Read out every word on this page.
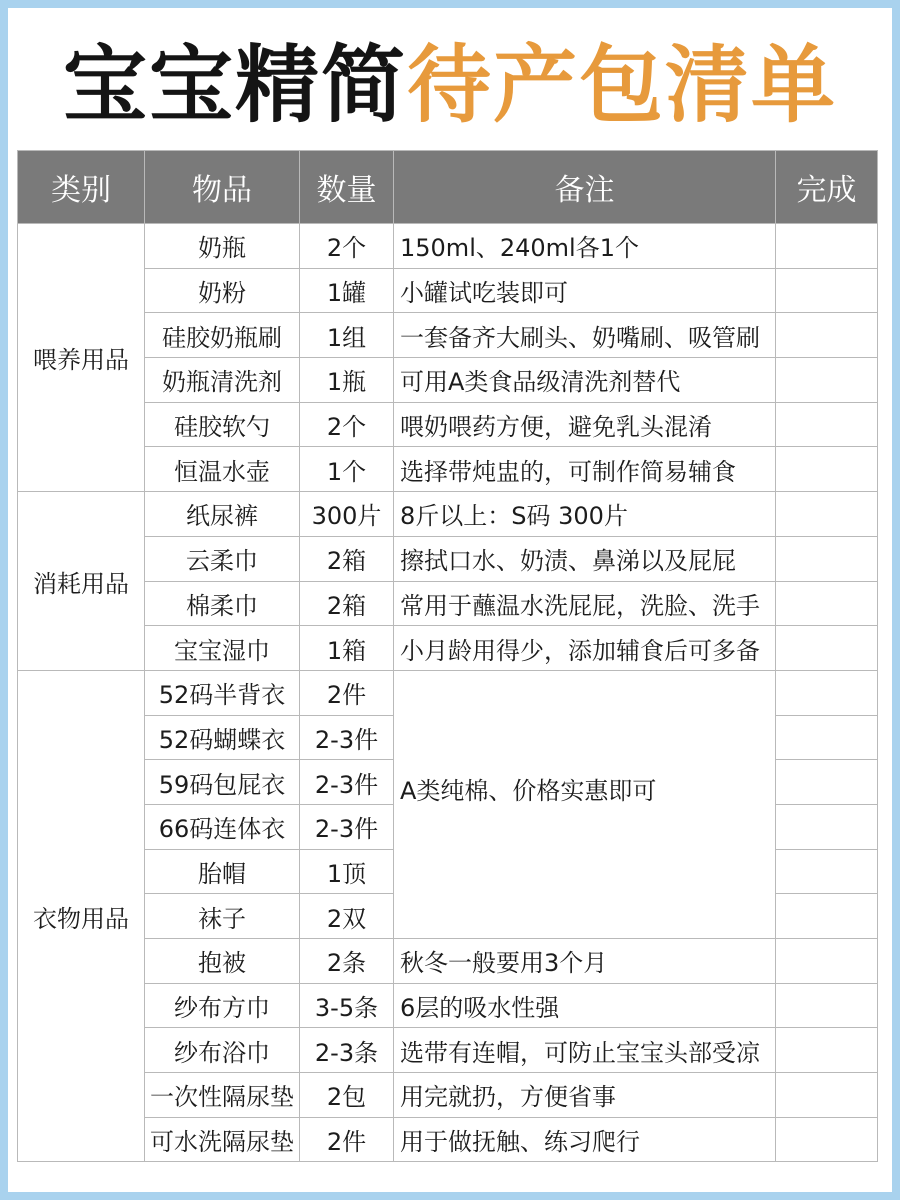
宝宝精简待产包清单
类别	物品	数量	备注	完成
喂养用品	奶瓶	2个	150ml、240ml各1个	
	奶粉	1罐	小罐试吃装即可	
	硅胶奶瓶刷	1组	一套备齐大刷头、奶嘴刷、吸管刷	
	奶瓶清洗剂	1瓶	可用A类食品级清洗剂替代	
	硅胶软勺	2个	喂奶喂药方便，避免乳头混淆	
	恒温水壶	1个	选择带炖盅的，可制作简易辅食	
消耗用品	纸尿裤	300片	8斤以上：S码 300片	
	云柔巾	2箱	擦拭口水、奶渍、鼻涕以及屁屁	
	棉柔巾	2箱	常用于蘸温水洗屁屁，洗脸、洗手	
	宝宝湿巾	1箱	小月龄用得少，添加辅食后可多备	
衣物用品	52码半背衣	2件	A类纯棉、价格实惠即可	
	52码蝴蝶衣	2-3件		
	59码包屁衣	2-3件		
	66码连体衣	2-3件		
	胎帽	1顶		
	袜子	2双		
	抱被	2条	秋冬一般要用3个月	
	纱布方巾	3-5条	6层的吸水性强	
	纱布浴巾	2-3条	选带有连帽，可防止宝宝头部受凉	
	一次性隔尿垫	2包	用完就扔，方便省事	
	可水洗隔尿垫	2件	用于做抚触、练习爬行	
